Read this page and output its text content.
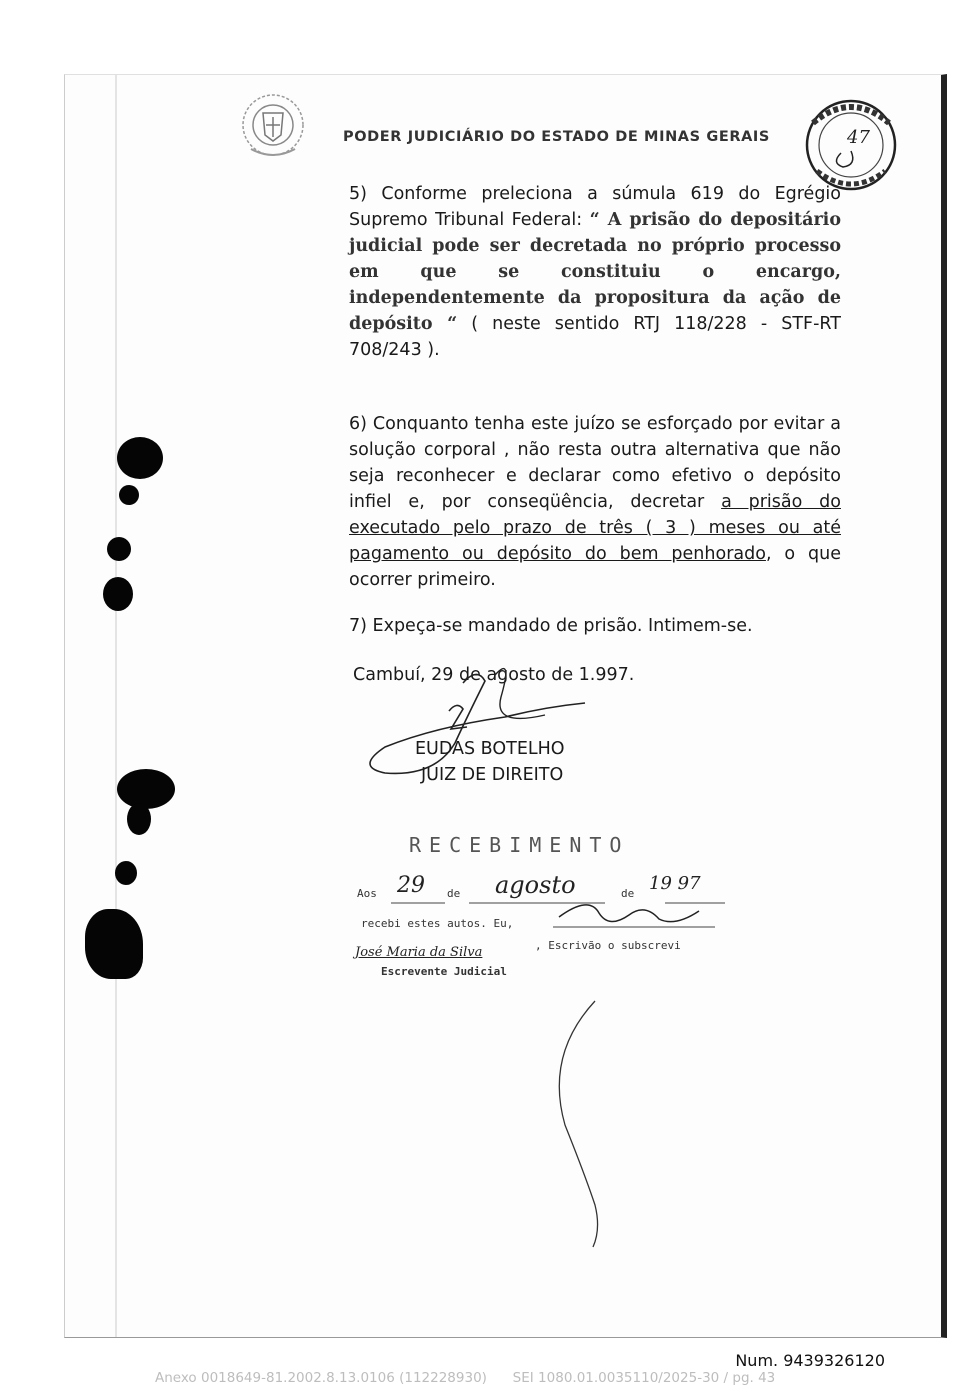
PODER JUDICIÁRIO DO ESTADO DE MINAS GERAIS	47
5) Conforme preleciona a súmula 619 do Egrégio Supremo Tribunal Federal: “ A prisão do depositário judicial pode ser decretada no próprio processo em que se constituiu o encargo, independentemente da propositura da ação de depósito “ ( neste sentido RTJ 118/228 - STF-RT 708/243 ).
6) Conquanto tenha este juízo se esforçado por evitar a solução corporal , não resta outra alternativa que não seja reconhecer e declarar como efetivo o depósito infiel e, por conseqüência, decretar a prisão do executado pelo prazo de três ( 3 ) meses ou até pagamento ou depósito do bem penhorado, o que ocorrer primeiro.
7) Expeça-se mandado de prisão. Intimem-se.
Cambuí, 29 de agosto de 1.997.
EUDAS BOTELHO
JUIZ DE DIREITO
RECEBIMENTO
Aos 29 de agosto	de 19 97
recebi estes autos. Eu,
José Maria da Silva	, Escrivão o subscrevi
Escrevente Judicial
Num. 9439326120
Anexo 0018649-81.2002.8.13.0106 (112228930)      SEI 1080.01.0035110/2025-30 / pg. 43
